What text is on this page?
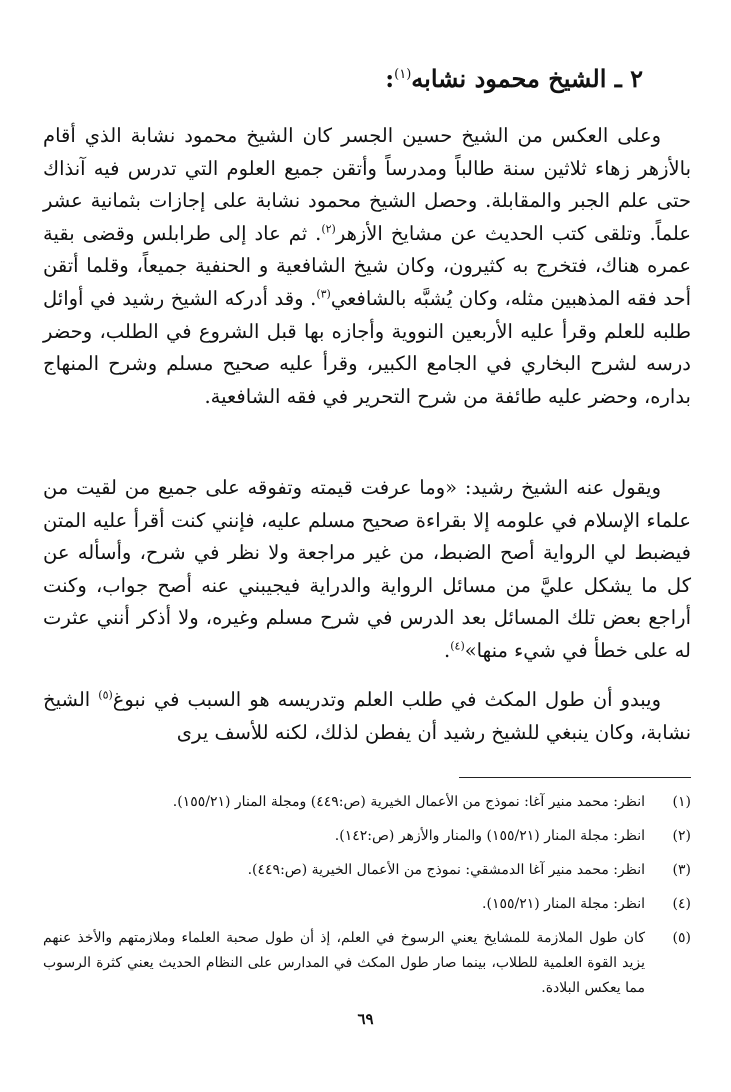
٢ ـ الشيخ محمود نشابه$^{(١)}$:
وعلى العكس من الشيخ حسين الجسر كان الشيخ محمود نشابة الذي أقام بالأزهر زهاء ثلاثين سنة طالباً ومدرساً وأتقن جميع العلوم التي تدرس فيه آنذاك حتى علم الجبر والمقابلة. وحصل الشيخ محمود نشابة على إجازات بثمانية عشر علماً. وتلقى كتب الحديث عن مشايخ الأزهر$^{(٢)}$. ثم عاد إلى طرابلس وقضى بقية عمره هناك، فتخرج به كثيرون، وكان شيخ الشافعية و الحنفية جميعاً، وقلما أتقن أحد فقه المذهبين مثله، وكان يُشبَّه بالشافعي$^{(٣)}$. وقد أدركه الشيخ رشيد في أوائل طلبه للعلم وقرأ عليه الأربعين النووية وأجازه بها قبل الشروع في الطلب، وحضر درسه لشرح البخاري في الجامع الكبير، وقرأ عليه صحيح مسلم وشرح المنهاج بداره، وحضر عليه طائفة من شرح التحرير في فقه الشافعية.
ويقول عنه الشيخ رشيد: «وما عرفت قيمته وتفوقه على جميع من لقيت من علماء الإسلام في علومه إلا بقراءة صحيح مسلم عليه، فإنني كنت أقرأ عليه المتن فيضبط لي الرواية أصح الضبط، من غير مراجعة ولا نظر في شرح، وأسأله عن كل ما يشكل عليَّ من مسائل الرواية والدراية فيجيبني عنه أصح جواب، وكنت أراجع بعض تلك المسائل بعد الدرس في شرح مسلم وغيره، ولا أذكر أنني عثرت له على خطأ في شيء منها»$^{(٤)}$.
ويبدو أن طول المكث في طلب العلم وتدريسه هو السبب في نبوغ$^{(٥)}$ الشيخ نشابة، وكان ينبغي للشيخ رشيد أن يفطن لذلك، لكنه للأسف يرى
(١)
انظر: محمد منير آغا: نموذج من الأعمال الخيرية (ص:٤٤٩) ومجلة المنار (١٥٥/٢١).
(٢)
انظر: مجلة المنار (١٥٥/٢١) والمنار والأزهر (ص:١٤٢).
(٣)
انظر: محمد منير آغا الدمشقي: نموذج من الأعمال الخيرية (ص:٤٤٩).
(٤)
انظر: مجلة المنار (١٥٥/٢١).
(٥)
كان طول الملازمة للمشايخ يعني الرسوخ في العلم، إذ أن طول صحبة العلماء وملازمتهم والأخذ عنهم يزيد القوة العلمية للطلاب، بينما صار طول المكث في المدارس على النظام الحديث يعني كثرة الرسوب مما يعكس البلادة.
٦٩
